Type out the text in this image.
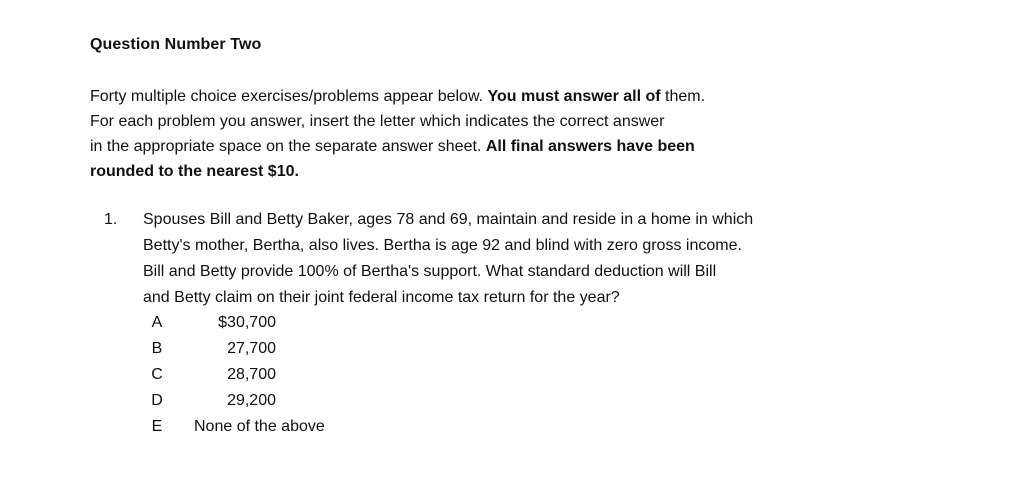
Question Number Two
Forty multiple choice exercises/problems appear below. You must answer all of them.
For each problem you answer, insert the letter which indicates the correct answer
in the appropriate space on the separate answer sheet. All final answers have been
rounded to the nearest $10.
1. Spouses Bill and Betty Baker, ages 78 and 69, maintain and reside in a home in which
Betty's mother, Bertha, also lives. Bertha is age 92 and blind with zero gross income.
Bill and Betty provide 100% of Bertha's support. What standard deduction will Bill
and Betty claim on their joint federal income tax return for the year?
A	$30,700
B	27,700
C	28,700
D	29,200
E None of the above
